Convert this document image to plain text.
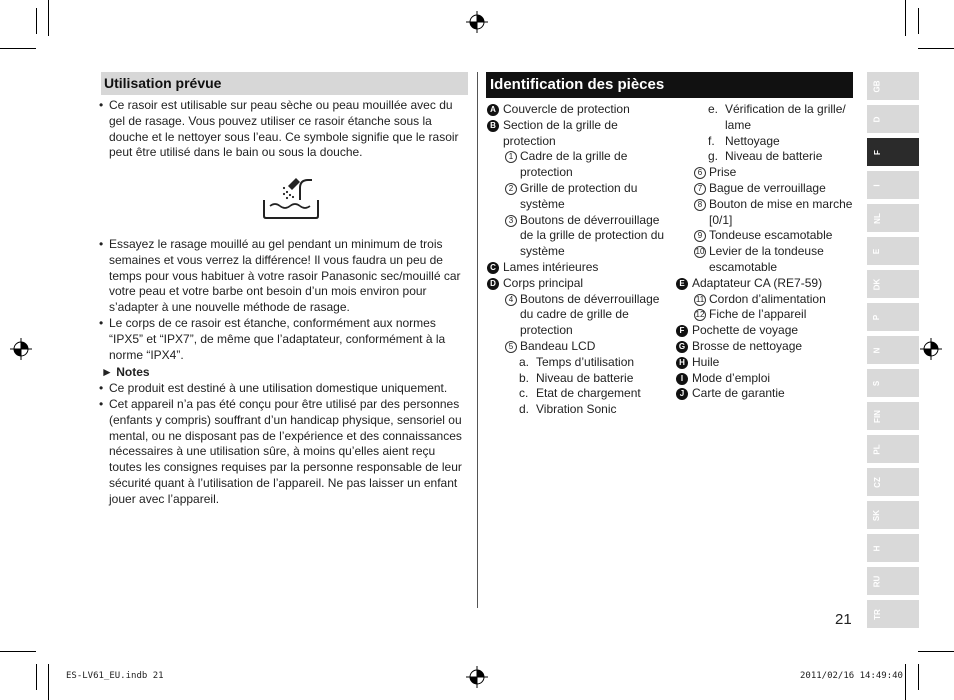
Utilisation prévue
• Ce rasoir est utilisable sur peau sèche ou peau mouillée avec du
gel de rasage. Vous pouvez utiliser ce rasoir étanche sous la
douche et le nettoyer sous l’eau. Ce symbole signifie que le rasoir
peut être utilisé dans le bain ou sous la douche.
• Essayez le rasage mouillé au gel pendant un minimum de trois
semaines et vous verrez la différence! Il vous faudra un peu de
temps pour vous habituer à votre rasoir Panasonic sec/mouillé car
votre peau et votre barbe ont besoin d’un mois environ pour
s’adapter à une nouvelle méthode de rasage.
• Le corps de ce rasoir est étanche, conformément aux normes
“IPX5” et “IPX7”, de même que l’adaptateur, conformément à la
norme “IPX4”.
► Notes
• Ce produit est destiné à une utilisation domestique uniquement.
• Cet appareil n’a pas été conçu pour être utilisé par des personnes
(enfants y compris) souffrant d’un handicap physique, sensoriel ou
mental, ou ne disposant pas de l’expérience et des connaissances
nécessaires à une utilisation sûre, à moins qu’elles aient reçu
toutes les consignes requises par la personne responsable de leur
sécurité quant à l’utilisation de l’appareil. Ne pas laisser un enfant
jouer avec l’appareil.
Identification des pièces
A Couvercle de protection
B Section de la grille de
protection
1 Cadre de la grille de
protection
2 Grille de protection du
système
3 Boutons de déverrouillage
de la grille de protection du
système
C Lames intérieures
D Corps principal
4 Boutons de déverrouillage
du cadre de grille de
protection
5 Bandeau LCD
a. Temps d’utilisation
b. Niveau de batterie
c. Etat de chargement
d. Vibration Sonic
e. Vérification de la grille/
lame
f. Nettoyage
g. Niveau de batterie
6 Prise
7 Bague de verrouillage
8 Bouton de mise en marche
[0/1]
9 Tondeuse escamotable
10 Levier de la tondeuse
escamotable
E Adaptateur CA (RE7-59)
11 Cordon d’alimentation
12 Fiche de l’appareil
F Pochette de voyage
G Brosse de nettoyage
H Huile
I Mode d’emploi
J Carte de garantie
GB
D
F
I
NL
E
DK
P
N
S
FIN
PL
CZ
SK
H
RU
TR
21
ES-LV61_EU.indb 21	2011/02/16 14:49:40
